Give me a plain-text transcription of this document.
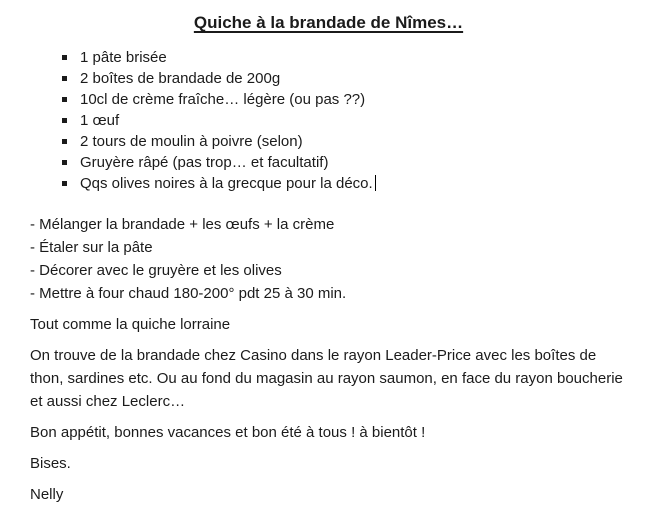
Quiche à la brandade de Nîmes…
1 pâte brisée
2 boîtes de brandade de 200g
10cl de crème fraîche… légère (ou pas ??)
1 œuf
2 tours de moulin à poivre (selon)
Gruyère râpé (pas trop… et facultatif)
Qqs olives noires à la grecque pour la déco.
- Mélanger la brandade + les œufs + la crème
- Étaler sur la pâte
- Décorer avec le gruyère et les olives
- Mettre à four chaud 180-200° pdt 25 à 30 min.

Tout comme la quiche lorraine

On trouve de la brandade chez Casino dans le rayon Leader-Price avec les boîtes de thon, sardines etc. Ou au fond du magasin au rayon saumon, en face du rayon boucherie et aussi chez Leclerc…

Bon appétit, bonnes vacances et bon été à tous ! à bientôt !

Bises.

Nelly
